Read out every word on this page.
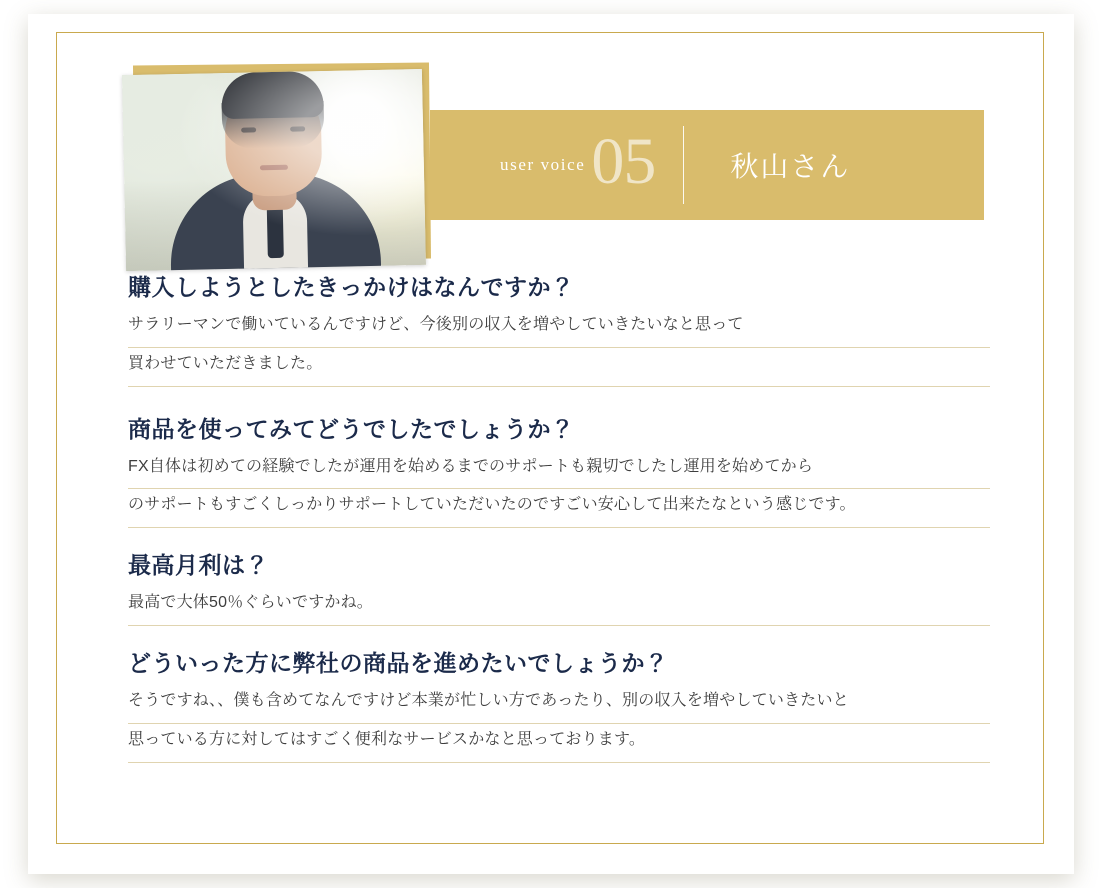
user voice 05	秋山さん
購入しようとしたきっかけはなんですか？
サラリーマンで働いているんですけど、今後別の収入を増やしていきたいなと思って
買わせていただきました。
商品を使ってみてどうでしたでしょうか？
FX自体は初めての経験でしたが運用を始めるまでのサポートも親切でしたし運用を始めてから
のサポートもすごくしっかりサポートしていただいたのですごい安心して出来たなという感じです。
最高月利は？
最高で大体50％ぐらいですかね。
どういった方に弊社の商品を進めたいでしょうか？
そうですね、、僕も含めてなんですけど本業が忙しい方であったり、別の収入を増やしていきたいと
思っている方に対してはすごく便利なサービスかなと思っております。
